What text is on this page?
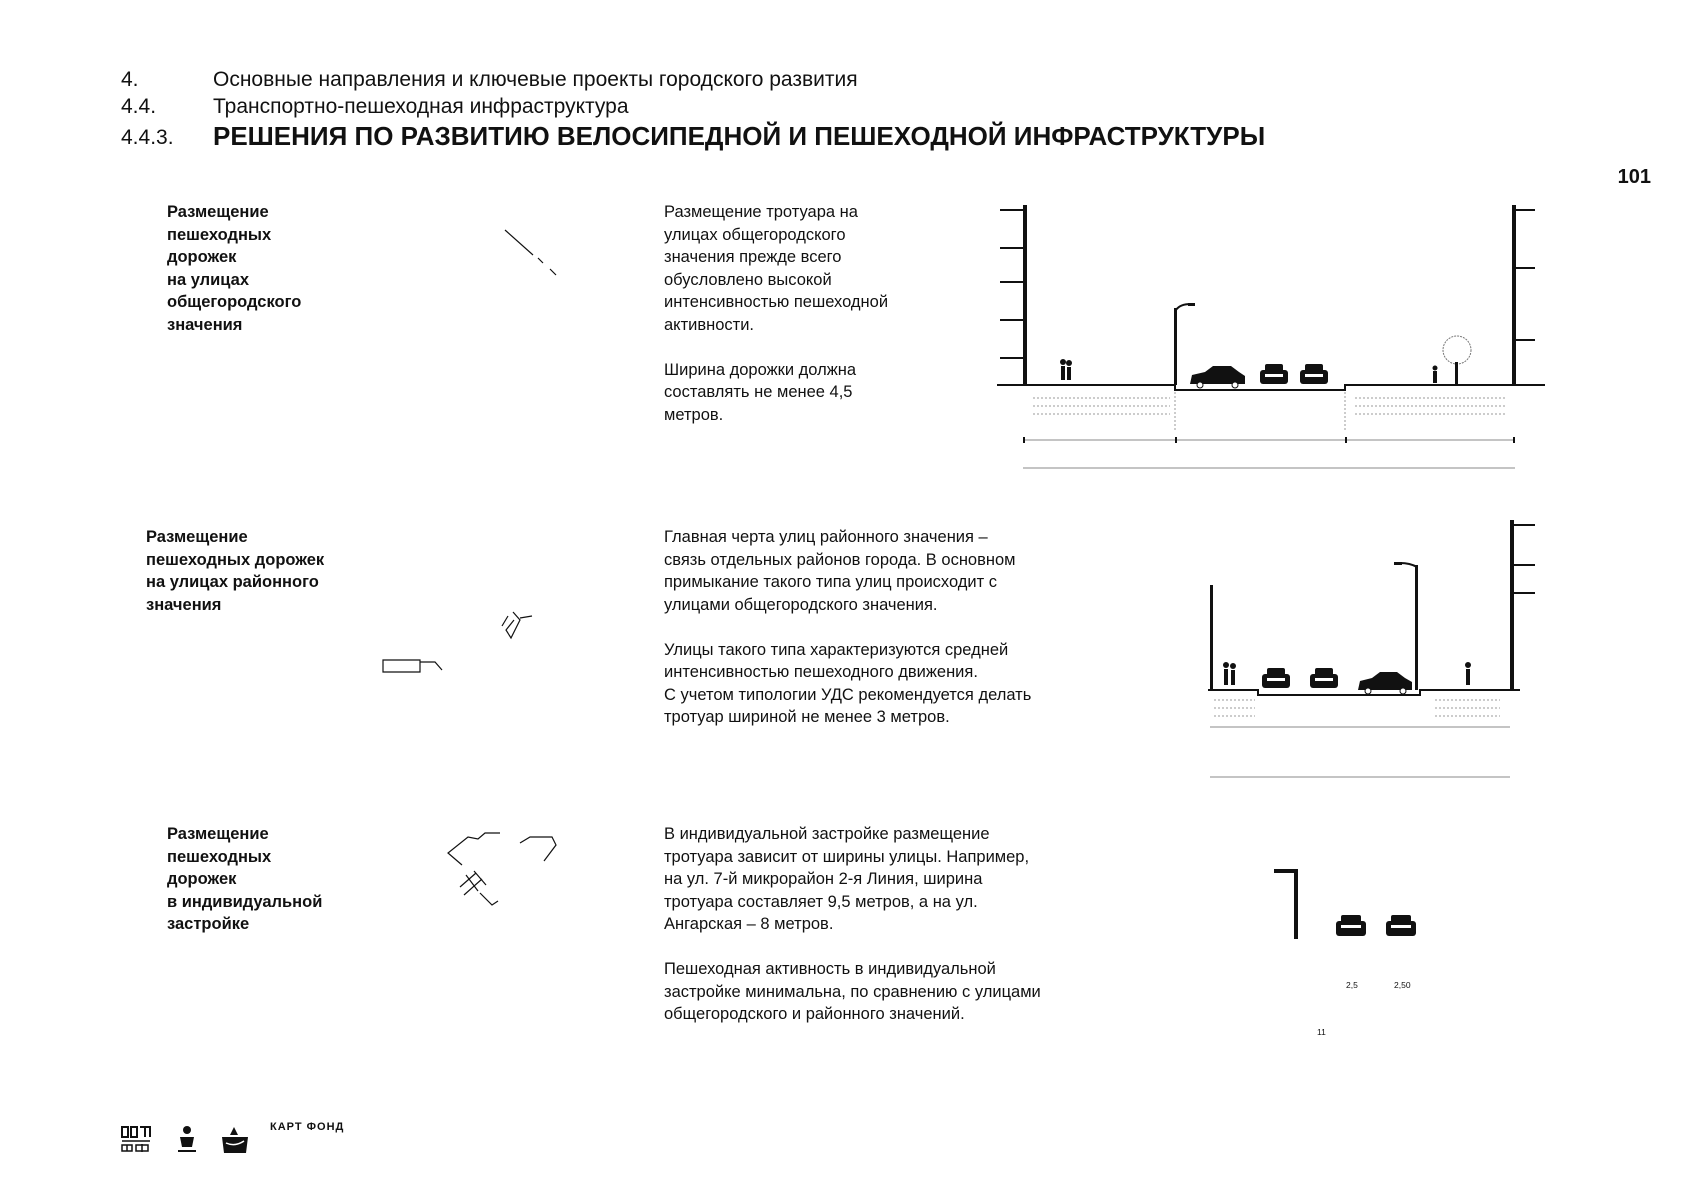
4.	Основные направления и ключевые проекты городского развития
4.4.	Транспортно-пешеходная инфраструктура
4.4.3. РЕШЕНИЯ ПО РАЗВИТИЮ ВЕЛОСИПЕДНОЙ И ПЕШЕХОДНОЙ ИНФРАСТРУКТУРЫ
101
Размещение
пешеходных
дорожек
на улицах
общегородского
значения
Размещение тротуара на
улицах общегородского
значения прежде всего
обусловлено высокой
интенсивностью пешеходной
активности.

Ширина дорожки должна
составлять не менее 4,5
метров.
Размещение
пешеходных дорожек
на улицах районного
значения
Главная черта улиц районного значения –
связь отдельных районов города. В основном
примыкание такого типа улиц происходит с
улицами общегородского значения.

Улицы такого типа характеризуются средней
интенсивностью пешеходного движения.
С учетом типологии УДС рекомендуется делать
тротуар шириной не менее 3 метров.
Размещение
пешеходных
дорожек
в индивидуальной
застройке
В индивидуальной застройке размещение
тротуара зависит от ширины улицы. Например,
на ул. 7-й микрорайон 2-я Линия, ширина
тротуара составляет 9,5 метров, а на ул.
Ангарская – 8 метров.

Пешеходная активность в индивидуальной
застройке минимальна, по сравнению с улицами
общегородского и районного значений.
2,5	2,50
11
КАРТ ФОНД
